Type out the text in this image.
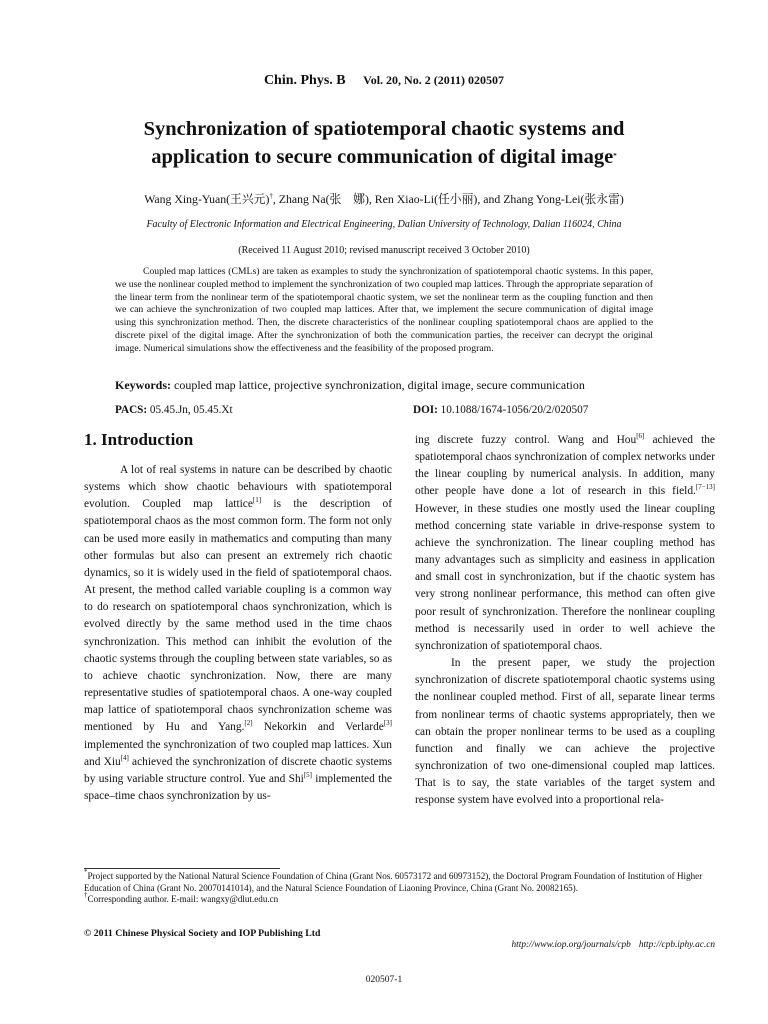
Chin. Phys. B Vol. 20, No. 2 (2011) 020507
Synchronization of spatiotemporal chaotic systems and
application to secure communication of digital image*

Wang Xing-Yuan(王兴元)†, Zhang Na(张　娜), Ren Xiao-Li(任小丽), and Zhang Yong-Lei(张永雷)

Faculty of Electronic Information and Electrical Engineering, Dalian University of Technology, Dalian 116024, China

(Received 11 August 2010; revised manuscript received 3 October 2010)

Coupled map lattices (CMLs) are taken as examples to study the synchronization of spatiotemporal chaotic systems. In this paper, we use the nonlinear coupled method to implement the synchronization of two coupled map lattices. Through the appropriate separation of the linear term from the nonlinear term of the spatiotemporal chaotic system, we set the nonlinear term as the coupling function and then we can achieve the synchronization of two coupled map lattices. After that, we implement the secure communication of digital image using this synchronization method. Then, the discrete characteristics of the nonlinear coupling spatiotemporal chaos are applied to the discrete pixel of the digital image. After the synchronization of both the communication parties, the receiver can decrypt the original image. Numerical simulations show the effectiveness and the feasibility of the proposed program.

Keywords: coupled map lattice, projective synchronization, digital image, secure communication

PACS: 05.45.Jn, 05.45.Xt	DOI: 10.1088/1674-1056/20/2/020507

1. Introduction

A lot of real systems in nature can be described by chaotic systems which show chaotic behaviours with spatiotemporal evolution. Coupled map lattice[1] is the description of spatiotemporal chaos as the most common form. The form not only can be used more easily in mathematics and computing than many other formulas but also can present an extremely rich chaotic dynamics, so it is widely used in the field of spatiotemporal chaos. At present, the method called variable coupling is a common way to do research on spatiotemporal chaos synchronization, which is evolved directly by the same method used in the time chaos synchronization. This method can inhibit the evolution of the chaotic systems through the coupling between state variables, so as to achieve chaotic synchronization. Now, there are many representative studies of spatiotemporal chaos. A one-way coupled map lattice of spatiotemporal chaos synchronization scheme was mentioned by Hu and Yang.[2] Nekorkin and Verlarde[3] implemented the synchronization of two coupled map lattices. Xun and Xiu[4] achieved the synchronization of discrete chaotic systems by using variable structure control. Yue and Shi[5] implemented the space–time chaos synchronization by us-

ing discrete fuzzy control. Wang and Hou[6] achieved the spatiotemporal chaos synchronization of complex networks under the linear coupling by numerical analysis. In addition, many other people have done a lot of research in this field.[7−13] However, in these studies one mostly used the linear coupling method concerning state variable in drive-response system to achieve the synchronization. The linear coupling method has many advantages such as simplicity and easiness in application and small cost in synchronization, but if the chaotic system has very strong nonlinear performance, this method can often give poor result of synchronization. Therefore the nonlinear coupling method is necessarily used in order to well achieve the synchronization of spatiotemporal chaos.

In the present paper, we study the projection synchronization of discrete spatiotemporal chaotic systems using the nonlinear coupled method. First of all, separate linear terms from nonlinear terms of chaotic systems appropriately, then we can obtain the proper nonlinear terms to be used as a coupling function and finally we can achieve the projective synchronization of two one-dimensional coupled map lattices. That is to say, the state variables of the target system and response system have evolved into a proportional rela-

*Project supported by the National Natural Science Foundation of China (Grant Nos. 60573172 and 60973152), the Doctoral Program Foundation of Institution of Higher Education of China (Grant No. 20070141014), and the Natural Science Foundation of Liaoning Province, China (Grant No. 20082165).

†Corresponding author. E-mail: wangxy@dlut.edu.cn

© 2011 Chinese Physical Society and IOP Publishing Ltd

http://www.iop.org/journals/cpb http://cpb.iphy.ac.cn

020507-1
